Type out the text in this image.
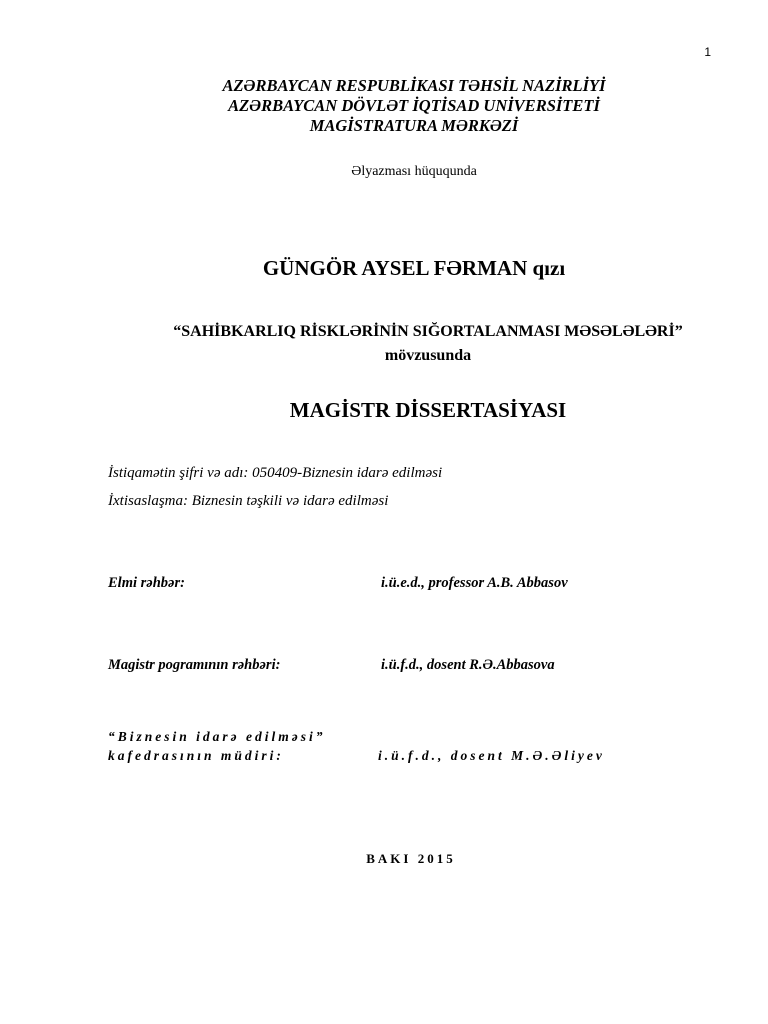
1
AZƏRBAYCAN RESPUBLİKASI TƏHSİL NAZİRLİYİ
AZƏRBAYCAN DÖVLƏT İQTİSAD UNİVERSİTETİ
MAGİSTRATURA MƏRKƏZİ
Əlyazması hüququnda
GÜNGÖR AYSEL FƏRMAN qızı
“SAHİBKARLIQ RİSKLƏRİNİN SIĞORTALANMASI MƏSƏLƏLƏRİ”
mövzusunda
MAGİSTR DİSSERTASİYASI
İstiqamətin şifri və adı: 050409-Biznesin idarə edilməsi
İxtisaslaşma: Biznesin təşkili və idarə edilməsi
Elmi rəhbər:	i.ü.e.d., professor A.B. Abbasov
Magistr pogramının rəhbəri:	i.ü.f.d., dosent R.Ə.Abbasova
“Biznesin idarə edilməsi”
kafedrasının müdiri:	i.ü.f.d., dosent M.Ə.Əliyev
BAKI 2015
